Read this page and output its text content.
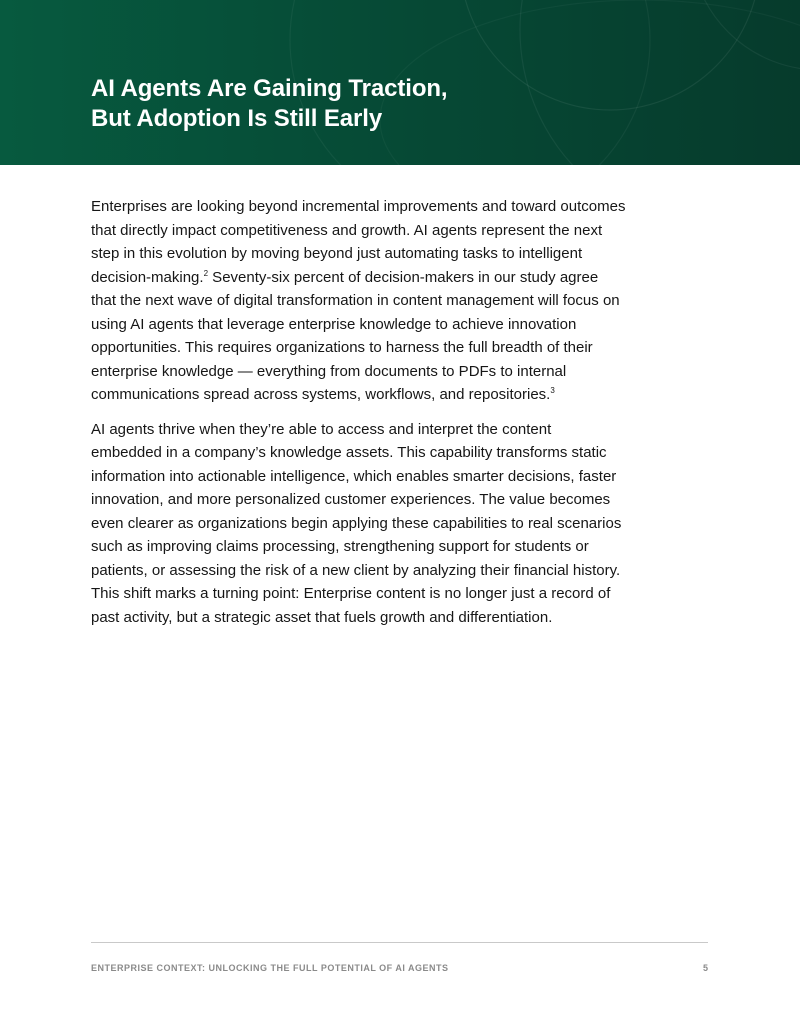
AI Agents Are Gaining Traction,
But Adoption Is Still Early

Enterprises are looking beyond incremental improvements and toward outcomes that directly impact competitiveness and growth. AI agents represent the next step in this evolution by moving beyond just automating tasks to intelligent decision-making.$^2$ Seventy-six percent of decision-makers in our study agree that the next wave of digital transformation in content management will focus on using AI agents that leverage enterprise knowledge to achieve innovation opportunities. This requires organizations to harness the full breadth of their enterprise knowledge — everything from documents to PDFs to internal communications spread across systems, workflows, and repositories.$^3$

AI agents thrive when they’re able to access and interpret the content embedded in a company’s knowledge assets. This capability transforms static information into actionable intelligence, which enables smarter decisions, faster innovation, and more personalized customer experiences. The value becomes even clearer as organizations begin applying these capabilities to real scenarios such as improving claims processing, strengthening support for students or patients, or assessing the risk of a new client by analyzing their financial history. This shift marks a turning point: Enterprise content is no longer just a record of past activity, but a strategic asset that fuels growth and differentiation.

ENTERPRISE CONTEXT: UNLOCKING THE FULL POTENTIAL OF AI AGENTS	5
